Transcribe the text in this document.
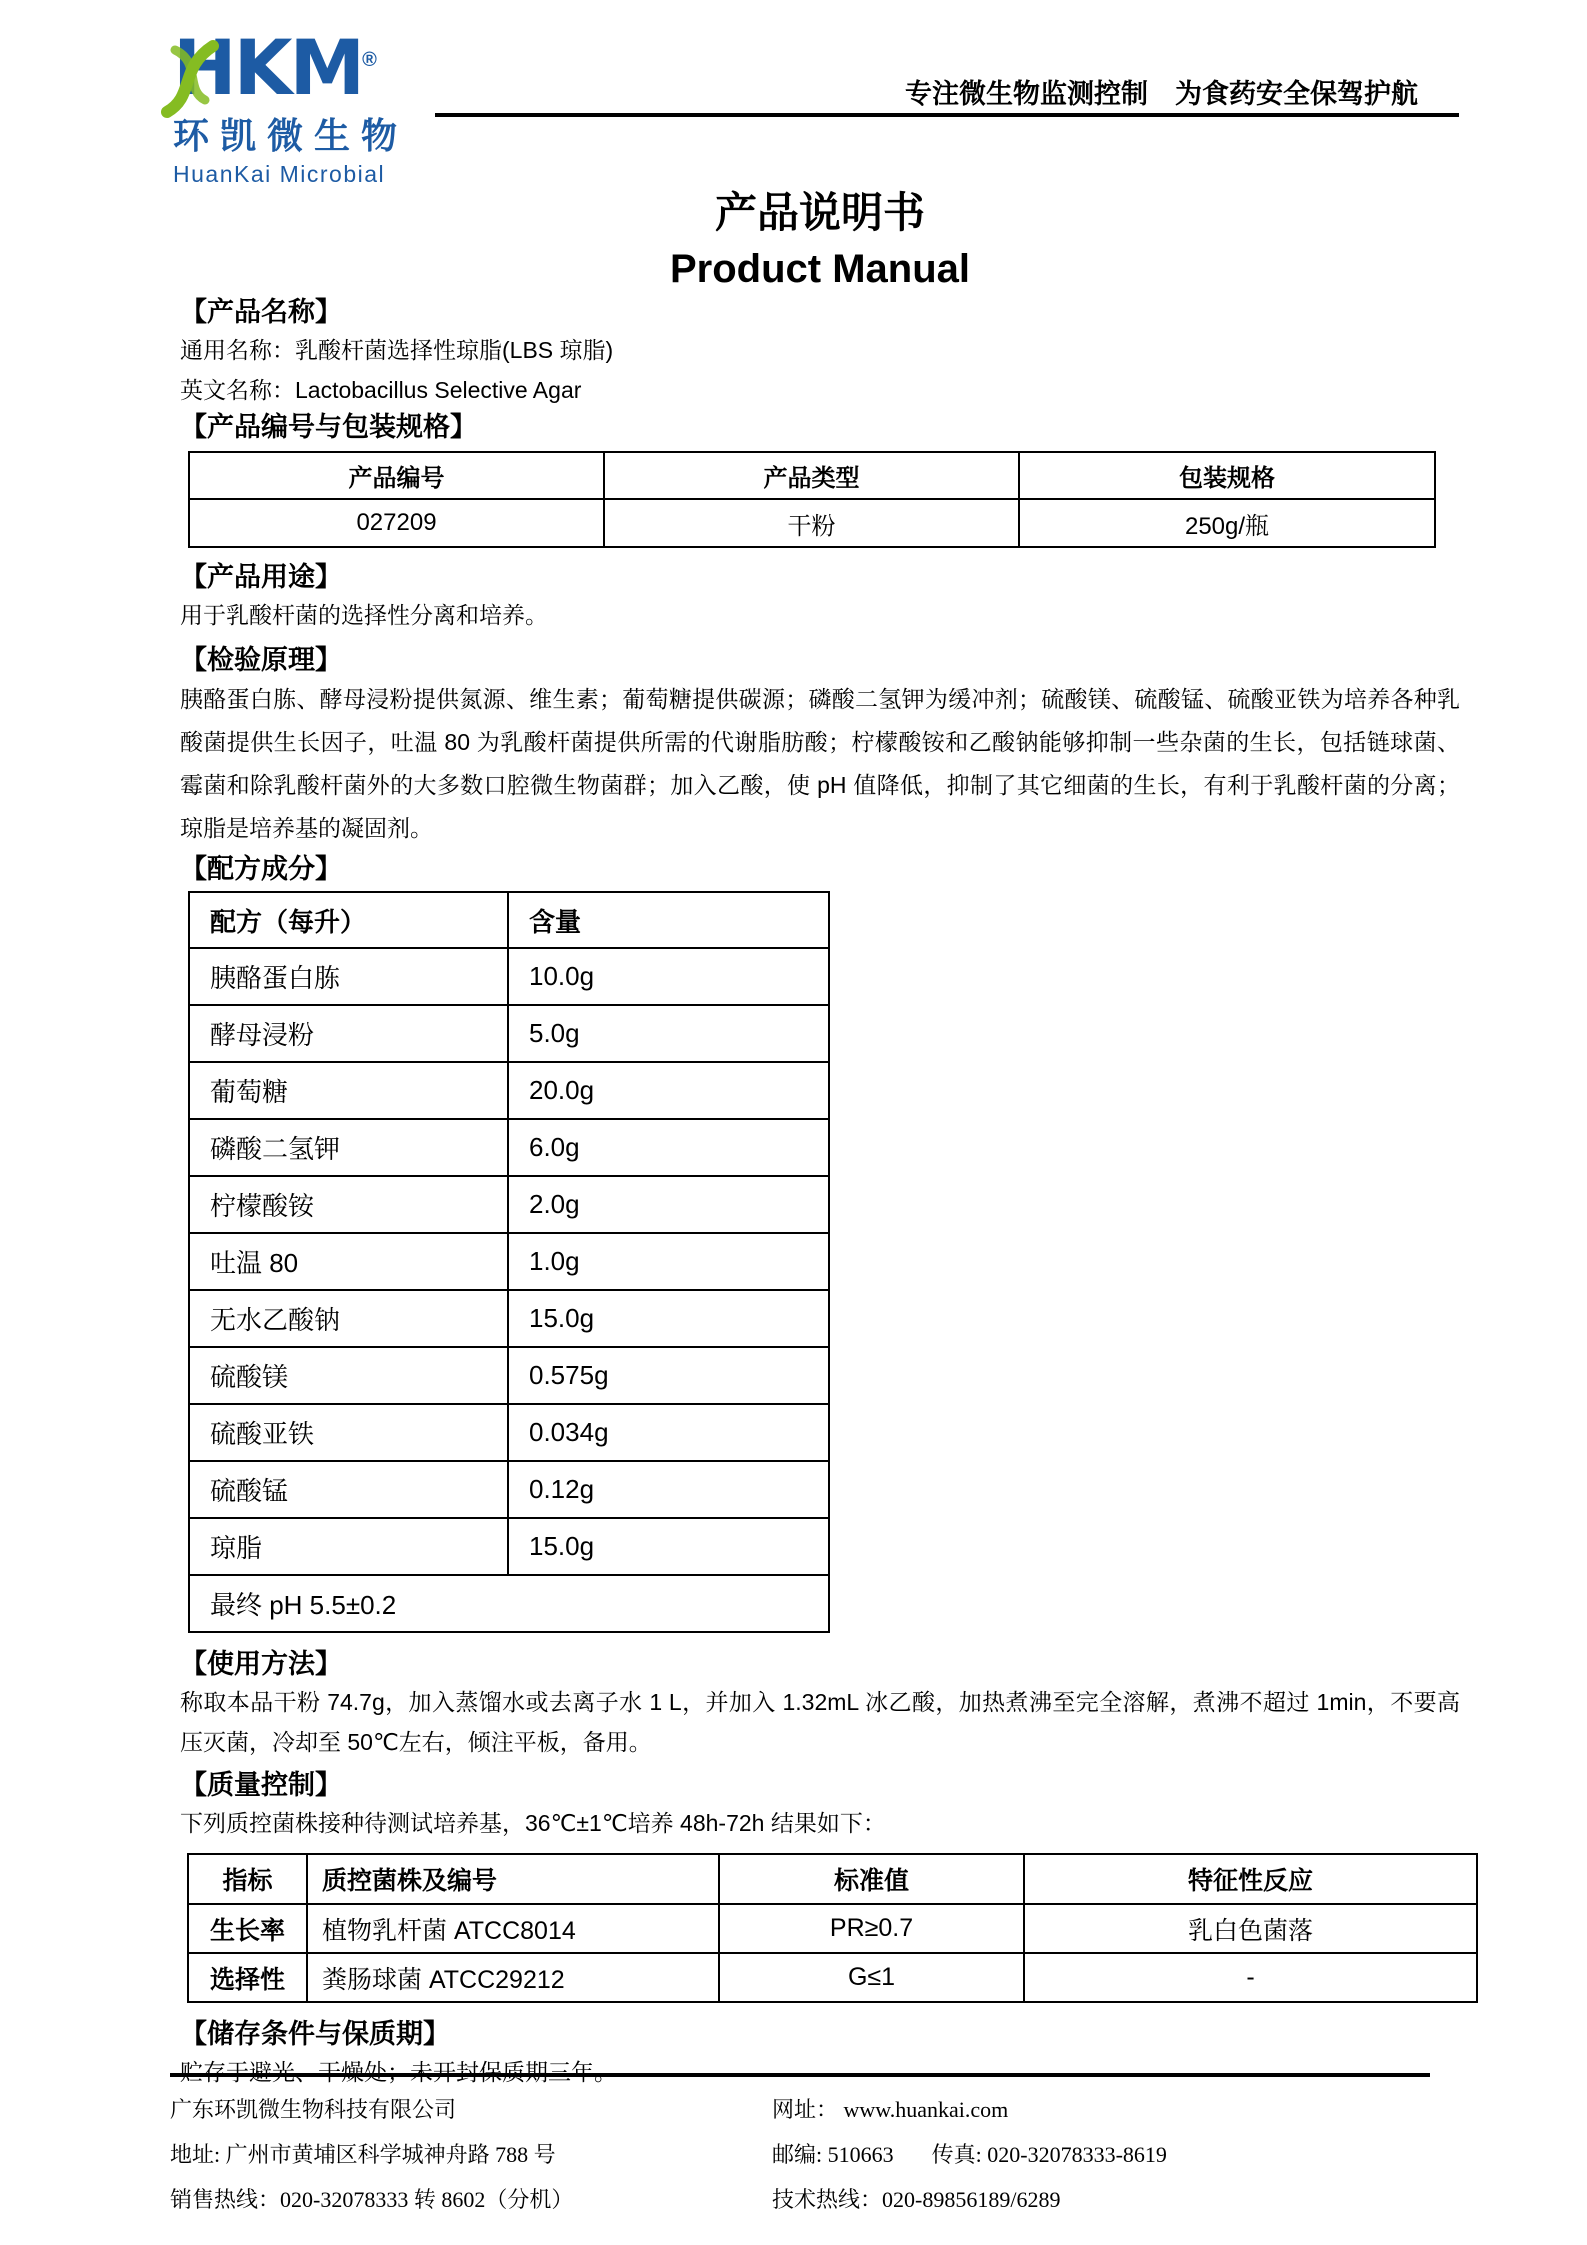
HKM®
环凯微生物
HuanKai Microbial
专注微生物监测控制　为食药安全保驾护航
产品说明书
Product Manual
【产品名称】

通用名称：乳酸杆菌选择性琼脂(LBS 琼脂)

英文名称：Lactobacillus Selective Agar

【产品编号与包装规格】
产品编号	产品类型	包装规格
027209	干粉	250g/瓶
【产品用途】

用于乳酸杆菌的选择性分离和培养。

【检验原理】

胰酪蛋白胨、酵母浸粉提供氮源、维生素；葡萄糖提供碳源；磷酸二氢钾为缓冲剂；硫酸镁、硫酸锰、硫酸亚铁为培养各种乳酸菌提供生长因子，吐温 80 为乳酸杆菌提供所需的代谢脂肪酸；柠檬酸铵和乙酸钠能够抑制一些杂菌的生长，包括链球菌、霉菌和除乳酸杆菌外的大多数口腔微生物菌群；加入乙酸，使 pH 值降低，抑制了其它细菌的生长，有利于乳酸杆菌的分离；琼脂是培养基的凝固剂。

【配方成分】
配方（每升）	含量
胰酪蛋白胨	10.0g
酵母浸粉	5.0g
葡萄糖	20.0g
磷酸二氢钾	6.0g
柠檬酸铵	2.0g
吐温 80	1.0g
无水乙酸钠	15.0g
硫酸镁	0.575g
硫酸亚铁	0.034g
硫酸锰	0.12g
琼脂	15.0g
最终 pH 5.5±0.2	
【使用方法】

称取本品干粉 74.7g，加入蒸馏水或去离子水 1 L，并加入 1.32mL 冰乙酸，加热煮沸至完全溶解，煮沸不超过 1min，不要高压灭菌，冷却至 50℃左右，倾注平板，备用。

【质量控制】

下列质控菌株接种待测试培养基，36℃±1℃培养 48h-72h 结果如下：

指标	质控菌株及编号	标准值	特征性反应
生长率	植物乳杆菌 ATCC8014	PR≥0.7	乳白色菌落
选择性	粪肠球菌 ATCC29212	G≤1	-
【储存条件与保质期】

贮存于避光、干燥处；未开封保质期三年。

广东环凯微生物科技有限公司

地址: 广州市黄埔区科学城神舟路 788 号

销售热线：020-32078333 转 8602（分机）

网址： www.huankai.com

邮编: 510663 传真: 020-32078333-8619

技术热线：020-89856189/6289
